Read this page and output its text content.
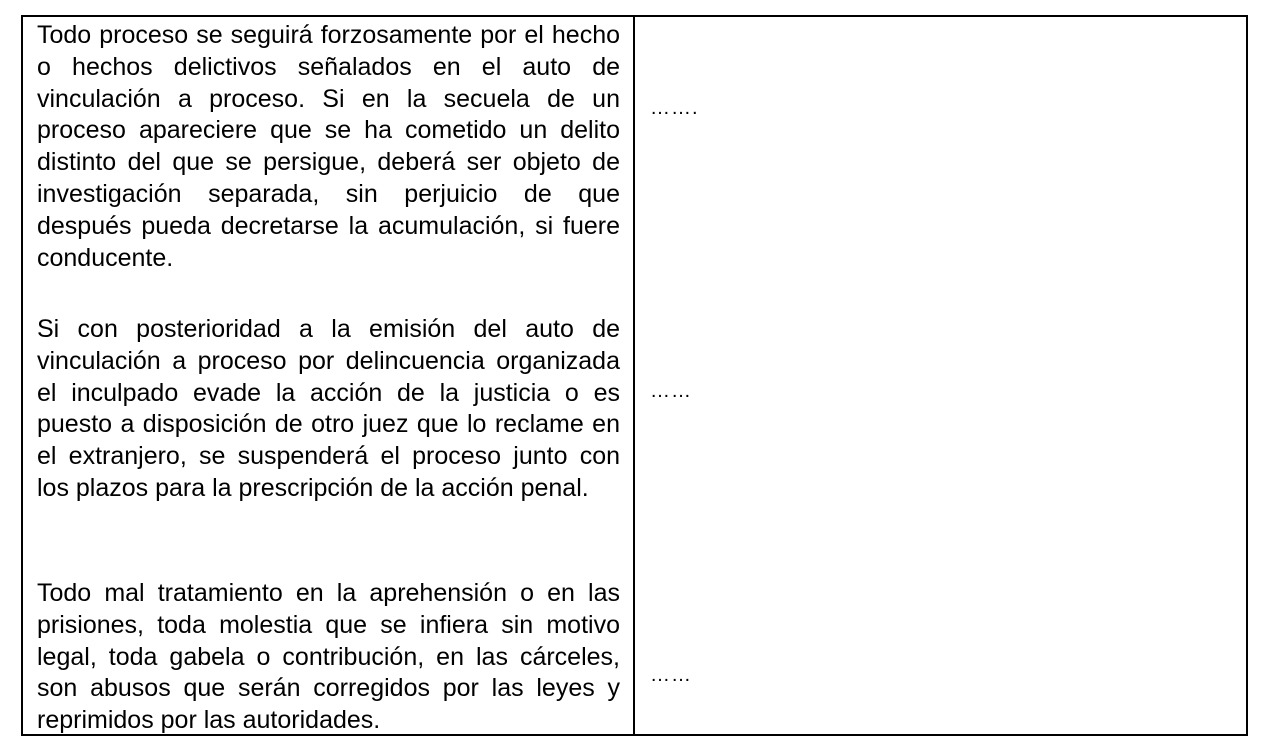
Todo proceso se seguirá forzosamente por el hecho o hechos delictivos señalados en el auto de vinculación a proceso. Si en la secuela de un proceso apareciere que se ha cometido un delito distinto del que se persigue, deberá ser objeto de investigación separada, sin perjuicio de que después pueda decretarse la acumulación, si fuere conducente.

Si con posterioridad a la emisión del auto de vinculación a proceso por delincuencia organizada el inculpado evade la acción de la justicia o es puesto a disposición de otro juez que lo reclame en el extranjero, se suspenderá el proceso junto con los plazos para la prescripción de la acción penal.

Todo mal tratamiento en la aprehensión o en las prisiones, toda molestia que se infiera sin motivo legal, toda gabela o contribución, en las cárceles, son abusos que serán corregidos por las leyes y reprimidos por las autoridades.

…….

……

……
